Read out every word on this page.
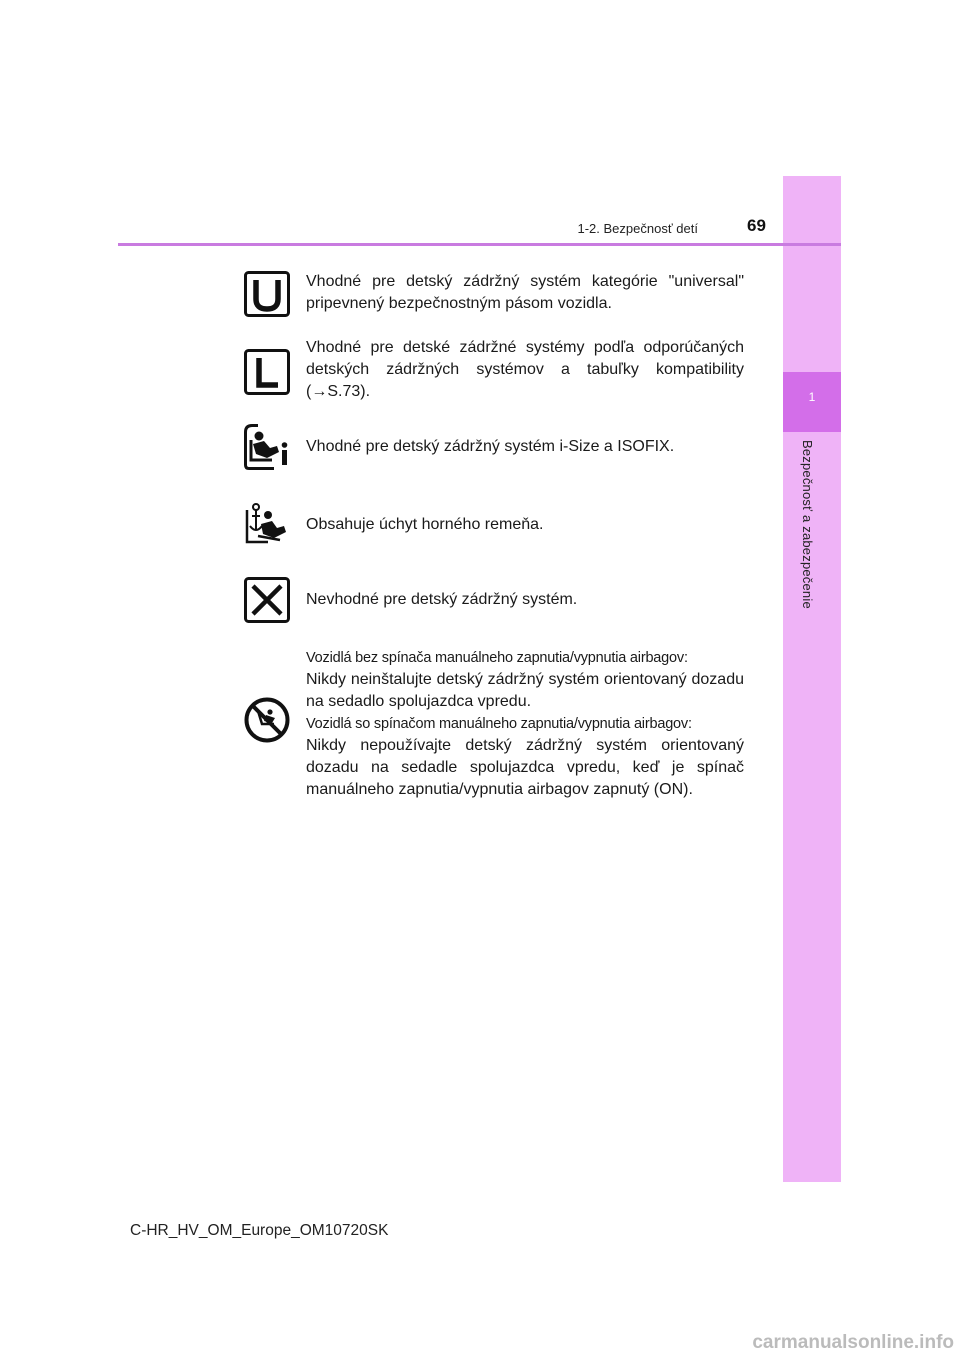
1
Bezpečnosť a zabezpečenie
1-2. Bezpečnosť detí	69
Vhodné pre detský zádržný systém kategórie "universal" pripevnený bezpečnostným pásom vozidla.
Vhodné pre detské zádržné systémy podľa odporúčaných detských zádržných systémov a tabuľky kompatibility (→S.73).
Vhodné pre detský zádržný systém i-Size a ISOFIX.
Obsahuje úchyt horného remeňa.
Nevhodné pre detský zádržný systém.
Vozidlá bez spínača manuálneho zapnutia/vypnutia airbagov:
Nikdy neinštalujte detský zádržný systém orientovaný dozadu na sedadlo spolujazdca vpredu.
Vozidlá so spínačom manuálneho zapnutia/vypnutia airbagov:
Nikdy nepoužívajte detský zádržný systém orientovaný dozadu na sedadle spolujazdca vpredu, keď je spínač manuálneho zapnutia/vypnutia airbagov zapnutý (ON).
C-HR_HV_OM_Europe_OM10720SK
carmanualsonline.info
